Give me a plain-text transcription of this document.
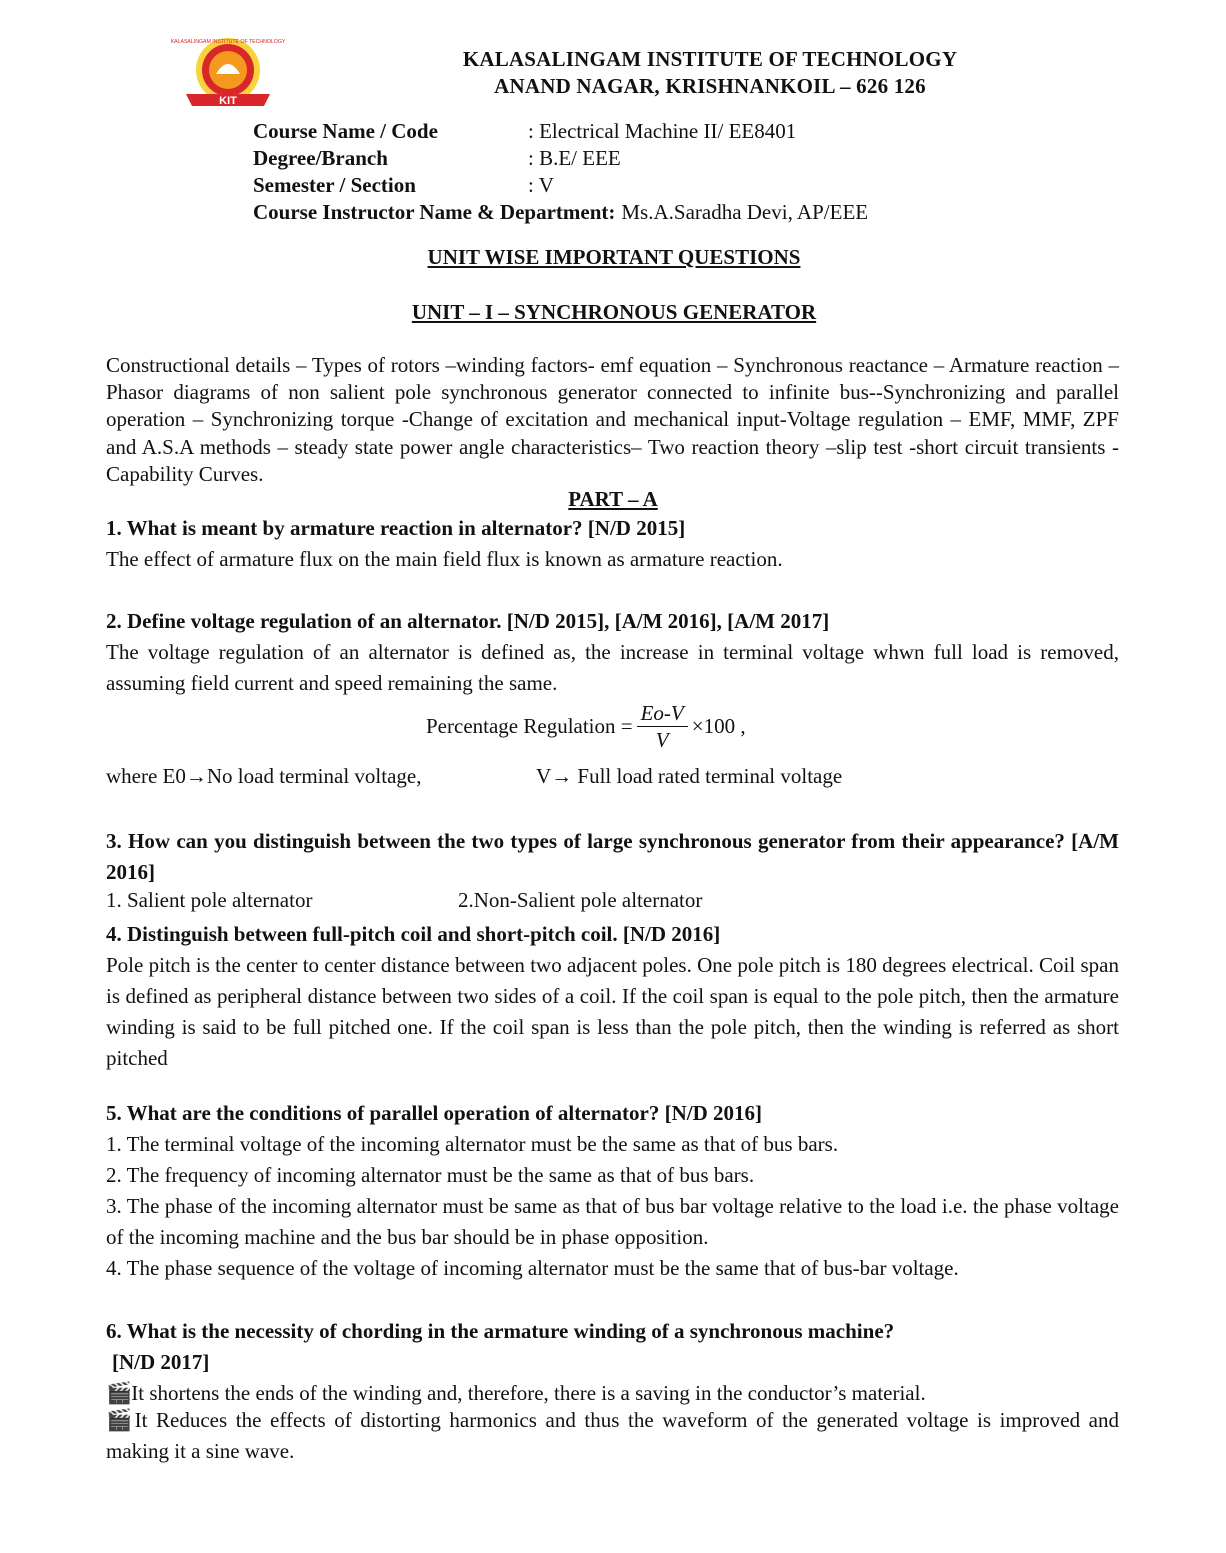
KALASALINGAM INSTITUTE OF TECHNOLOGY
KIT
KALASALINGAM INSTITUTE OF TECHNOLOGY
ANAND NAGAR, KRISHNANKOIL – 626 126
Course Name / Code	: Electrical Machine II/ EE8401
Degree/Branch	: B.E/ EEE
Semester / Section	: V
Course Instructor Name & Department: Ms.A.Saradha Devi, AP/EEE
UNIT WISE IMPORTANT QUESTIONS
UNIT – I – SYNCHRONOUS GENERATOR
Constructional details – Types of rotors –winding factors- emf equation – Synchronous reactance – Armature reaction – Phasor diagrams of non salient pole synchronous generator connected to infinite bus--Synchronizing and parallel operation – Synchronizing torque -Change of excitation and mechanical input-Voltage regulation – EMF, MMF, ZPF and A.S.A methods – steady state power angle characteristics– Two reaction theory –slip test -short circuit transients - Capability Curves.
PART – A
1. What is meant by armature reaction in alternator? [N/D 2015]
The effect of armature flux on the main field flux is known as armature reaction.
2. Define voltage regulation of an alternator. [N/D 2015], [A/M 2016], [A/M 2017]
The voltage regulation of an alternator is defined as, the increase in terminal voltage whwn full load is removed, assuming field current and speed remaining the same.
Percentage Regulation = $\frac{Eo-V}{V} \times 100$ ,
where E0→No load terminal voltage,	V→ Full load rated terminal voltage
3. How can you distinguish between the two types of large synchronous generator from their appearance? [A/M 2016]
1. Salient pole alternator	2.Non-Salient pole alternator
4. Distinguish between full-pitch coil and short-pitch coil. [N/D 2016]
Pole pitch is the center to center distance between two adjacent poles. One pole pitch is 180 degrees electrical. Coil span is defined as peripheral distance between two sides of a coil. If the coil span is equal to the pole pitch, then the armature winding is said to be full pitched one. If the coil span is less than the pole pitch, then the winding is referred as short pitched
5. What are the conditions of parallel operation of alternator? [N/D 2016]
1. The terminal voltage of the incoming alternator must be the same as that of bus bars.
2. The frequency of incoming alternator must be the same as that of bus bars.
3. The phase of the incoming alternator must be same as that of bus bar voltage relative to the load i.e. the phase voltage of the incoming machine and the bus bar should be in phase opposition.
4. The phase sequence of the voltage of incoming alternator must be the same that of bus-bar voltage.
6. What is the necessity of chording in the armature winding of a synchronous machine?
[N/D 2017]
🎬 It shortens the ends of the winding and, therefore, there is a saving in the conductor’s material.
🎬 It Reduces the effects of distorting harmonics and thus the waveform of the generated voltage is improved and making it a sine wave.
